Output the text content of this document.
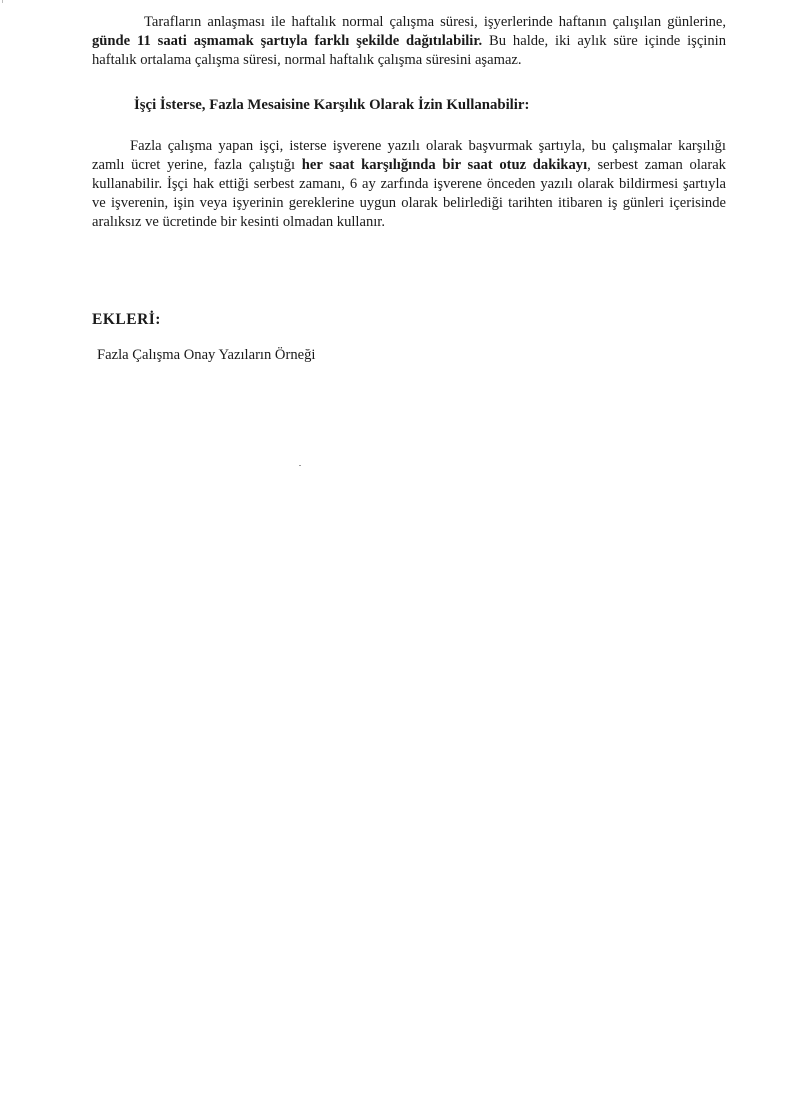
Tarafların anlaşması ile haftalık normal çalışma süresi, işyerlerinde haftanın çalışılan günlerine, günde 11 saati aşmamak şartıyla farklı şekilde dağıtılabilir. Bu halde, iki aylık süre içinde işçinin haftalık ortalama çalışma süresi, normal haftalık çalışma süresini aşamaz.

İşçi İsterse, Fazla Mesaisine Karşılık Olarak İzin Kullanabilir:

Fazla çalışma yapan işçi, isterse işverene yazılı olarak başvurmak şartıyla, bu çalışmalar karşılığı zamlı ücret yerine, fazla çalıştığı her saat karşılığında bir saat otuz dakikayı, serbest zaman olarak kullanabilir. İşçi hak ettiği serbest zamanı, 6 ay zarfında işverene önceden yazılı olarak bildirmesi şartıyla ve işverenin, işin veya işyerinin gereklerine uygun olarak belirlediği tarihten itibaren iş günleri içerisinde aralıksız ve ücretinde bir kesinti olmadan kullanır.

EKLERİ:

Fazla Çalışma Onay Yazıların Örneği
